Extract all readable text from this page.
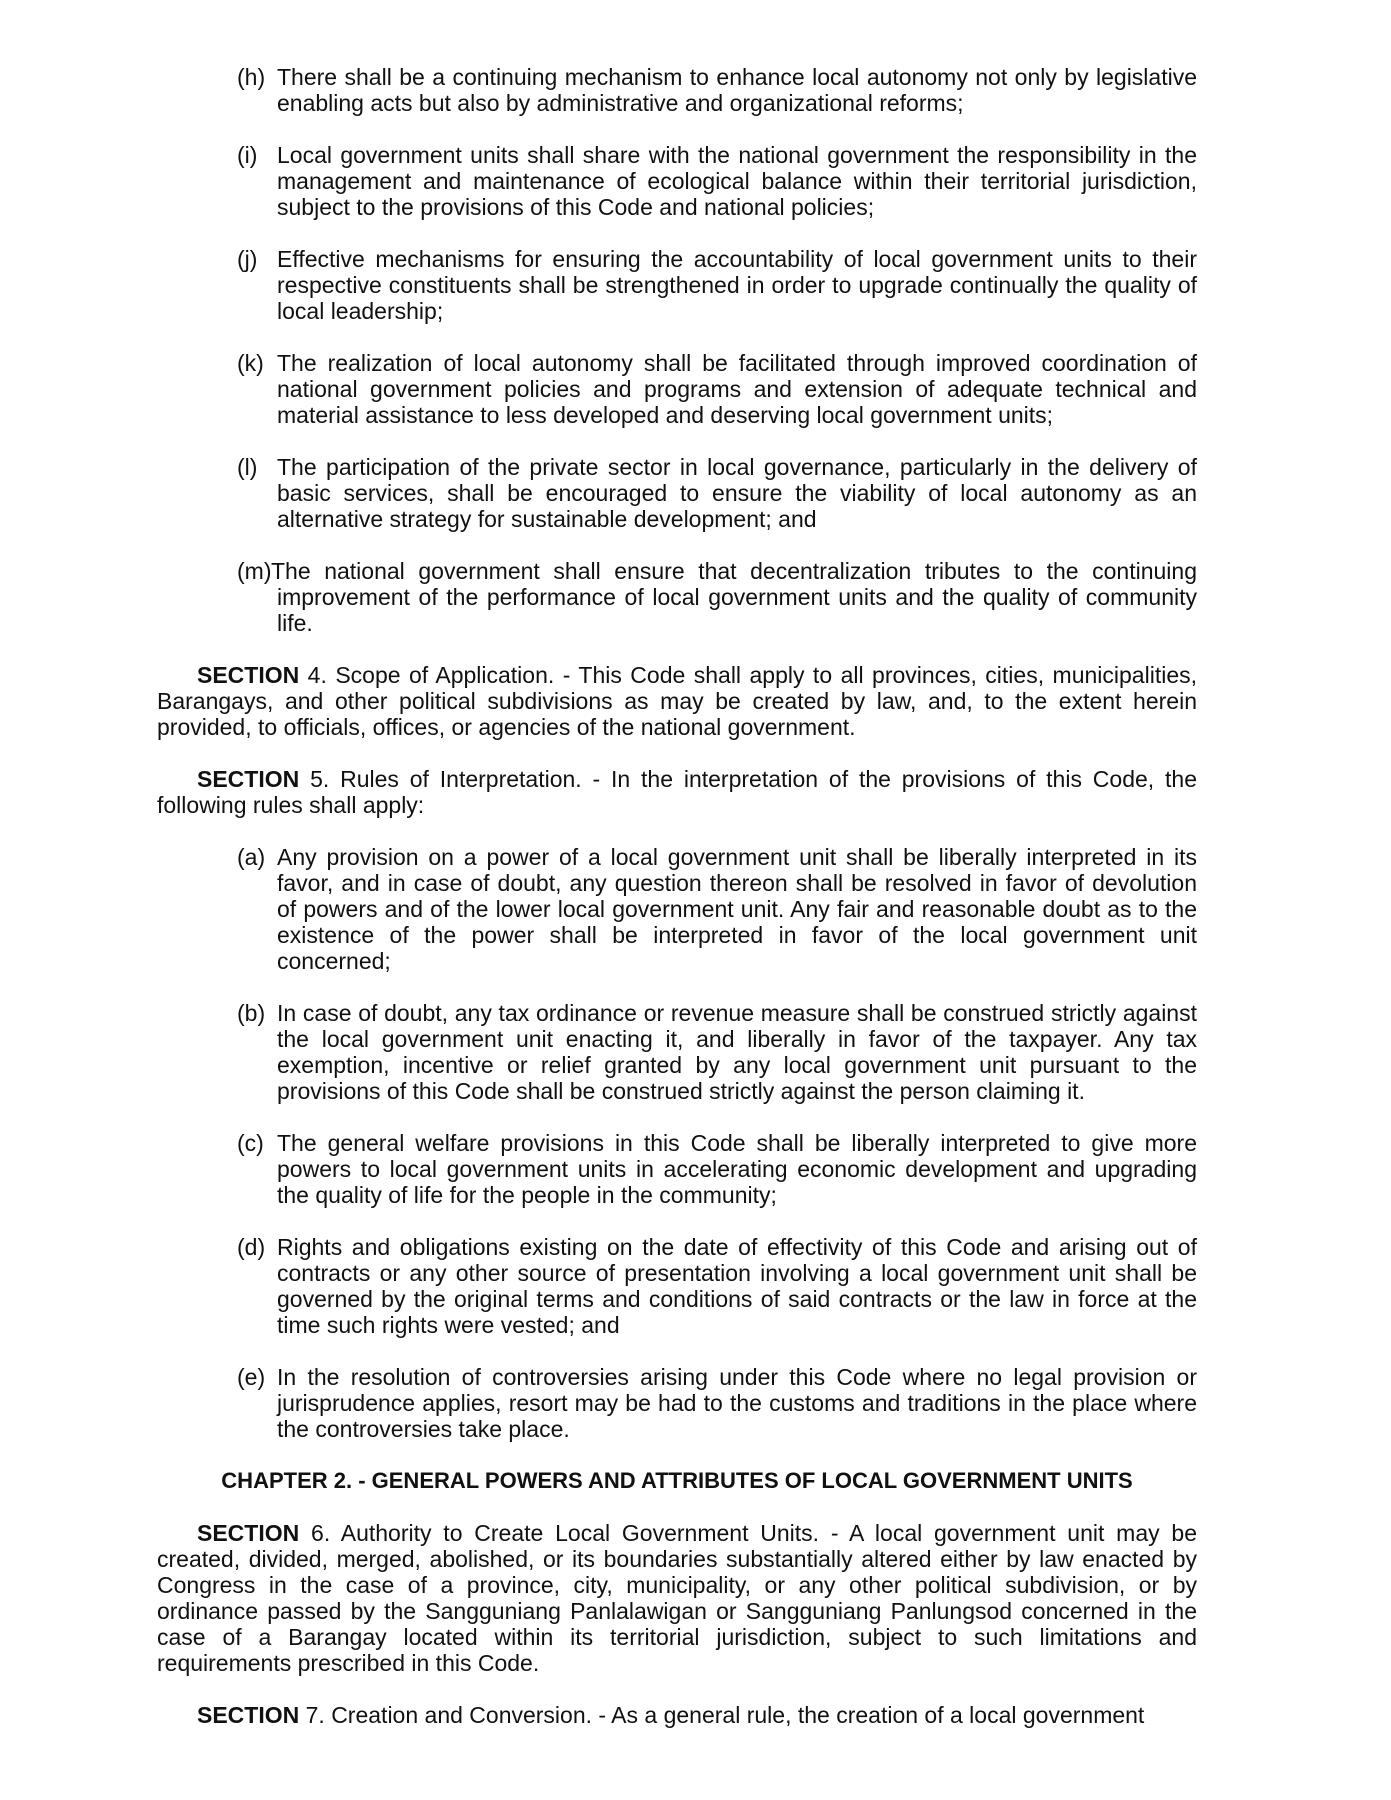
(h) There shall be a continuing mechanism to enhance local autonomy not only by legislative enabling acts but also by administrative and organizational reforms;
(i) Local government units shall share with the national government the responsibility in the management and maintenance of ecological balance within their territorial jurisdiction, subject to the provisions of this Code and national policies;
(j) Effective mechanisms for ensuring the accountability of local government units to their respective constituents shall be strengthened in order to upgrade continually the quality of local leadership;
(k) The realization of local autonomy shall be facilitated through improved coordination of national government policies and programs and extension of adequate technical and material assistance to less developed and deserving local government units;
(l) The participation of the private sector in local governance, particularly in the delivery of basic services, shall be encouraged to ensure the viability of local autonomy as an alternative strategy for sustainable development; and
(m) The national government shall ensure that decentralization tributes to the continuing improvement of the performance of local government units and the quality of community life.
SECTION 4. Scope of Application. - This Code shall apply to all provinces, cities, municipalities, Barangays, and other political subdivisions as may be created by law, and, to the extent herein provided, to officials, offices, or agencies of the national government.
SECTION 5. Rules of Interpretation. - In the interpretation of the provisions of this Code, the following rules shall apply:
(a) Any provision on a power of a local government unit shall be liberally interpreted in its favor, and in case of doubt, any question thereon shall be resolved in favor of devolution of powers and of the lower local government unit. Any fair and reasonable doubt as to the existence of the power shall be interpreted in favor of the local government unit concerned;
(b) In case of doubt, any tax ordinance or revenue measure shall be construed strictly against the local government unit enacting it, and liberally in favor of the taxpayer. Any tax exemption, incentive or relief granted by any local government unit pursuant to the provisions of this Code shall be construed strictly against the person claiming it.
(c) The general welfare provisions in this Code shall be liberally interpreted to give more powers to local government units in accelerating economic development and upgrading the quality of life for the people in the community;
(d) Rights and obligations existing on the date of effectivity of this Code and arising out of contracts or any other source of presentation involving a local government unit shall be governed by the original terms and conditions of said contracts or the law in force at the time such rights were vested; and
(e) In the resolution of controversies arising under this Code where no legal provision or jurisprudence applies, resort may be had to the customs and traditions in the place where the controversies take place.
CHAPTER 2. - GENERAL POWERS AND ATTRIBUTES OF LOCAL GOVERNMENT UNITS
SECTION 6. Authority to Create Local Government Units. - A local government unit may be created, divided, merged, abolished, or its boundaries substantially altered either by law enacted by Congress in the case of a province, city, municipality, or any other political subdivision, or by ordinance passed by the Sangguniang Panlalawigan or Sangguniang Panlungsod concerned in the case of a Barangay located within its territorial jurisdiction, subject to such limitations and requirements prescribed in this Code.
SECTION 7. Creation and Conversion. - As a general rule, the creation of a local government
